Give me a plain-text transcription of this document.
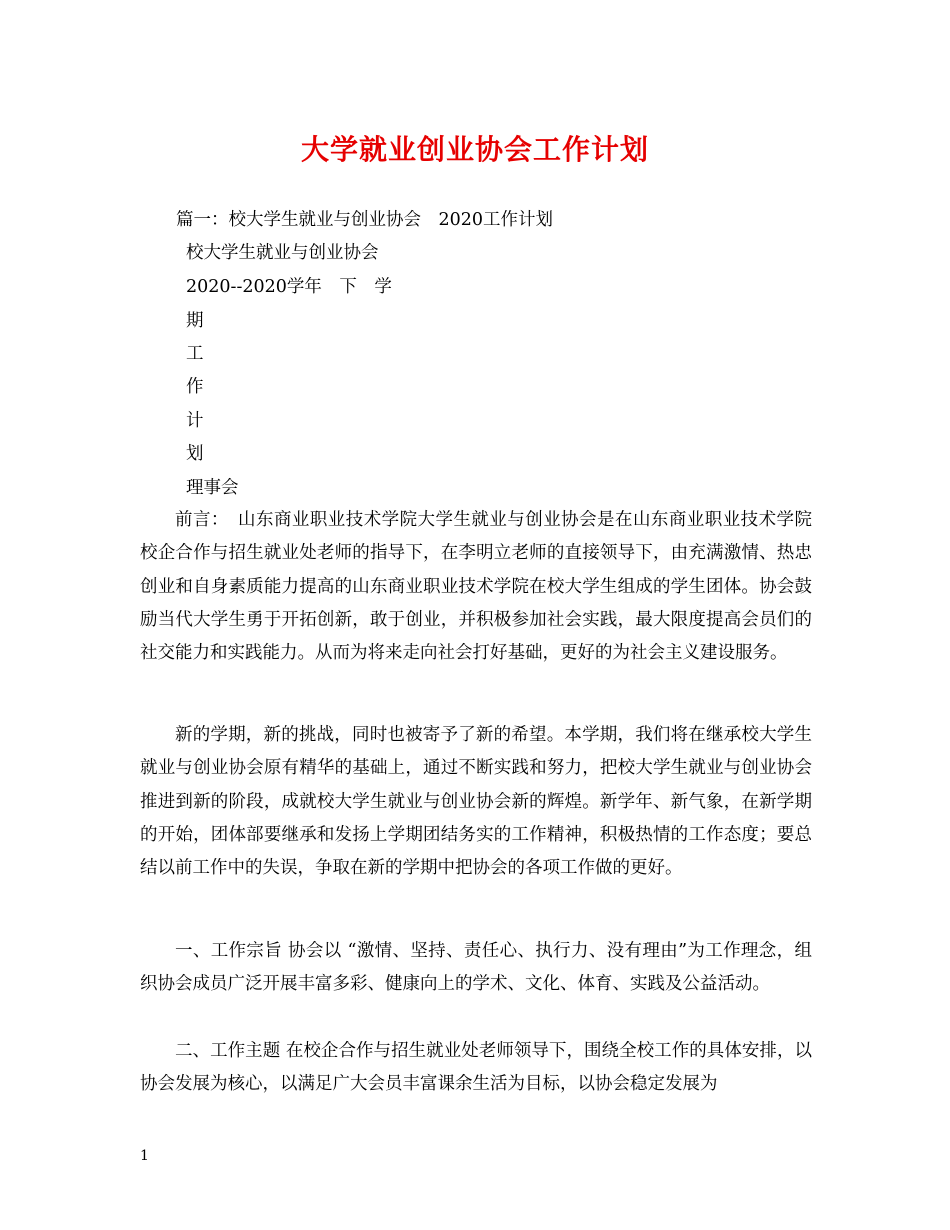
大学就业创业协会工作计划
篇一：校大学生就业与创业协会　2020工作计划
校大学生就业与创业协会
2020--2020学年　下　学
期
工
作
计
划
理事会

前言：　山东商业职业技术学院大学生就业与创业协会是在山东商业职业技术学院校企合作与招生就业处老师的指导下，在李明立老师的直接领导下，由充满激情、热忠创业和自身素质能力提高的山东商业职业技术学院在校大学生组成的学生团体。协会鼓励当代大学生勇于开拓创新，敢于创业，并积极参加社会实践，最大限度提高会员们的社交能力和实践能力。从而为将来走向社会打好基础，更好的为社会主义建设服务。

新的学期，新的挑战，同时也被寄予了新的希望。本学期，我们将在继承校大学生就业与创业协会原有精华的基础上，通过不断实践和努力，把校大学生就业与创业协会推进到新的阶段，成就校大学生就业与创业协会新的辉煌。新学年、新气象，在新学期的开始，团体部要继承和发扬上学期团结务实的工作精神，积极热情的工作态度；要总结以前工作中的失误，争取在新的学期中把协会的各项工作做的更好。

一、工作宗旨 协会以 “激情、坚持、责任心、执行力、没有理由”为工作理念，组织协会成员广泛开展丰富多彩、健康向上的学术、文化、体育、实践及公益活动。

二、工作主题 在校企合作与招生就业处老师领导下，围绕全校工作的具体安排，以协会发展为核心，以满足广大会员丰富课余生活为目标，以协会稳定发展为

1
